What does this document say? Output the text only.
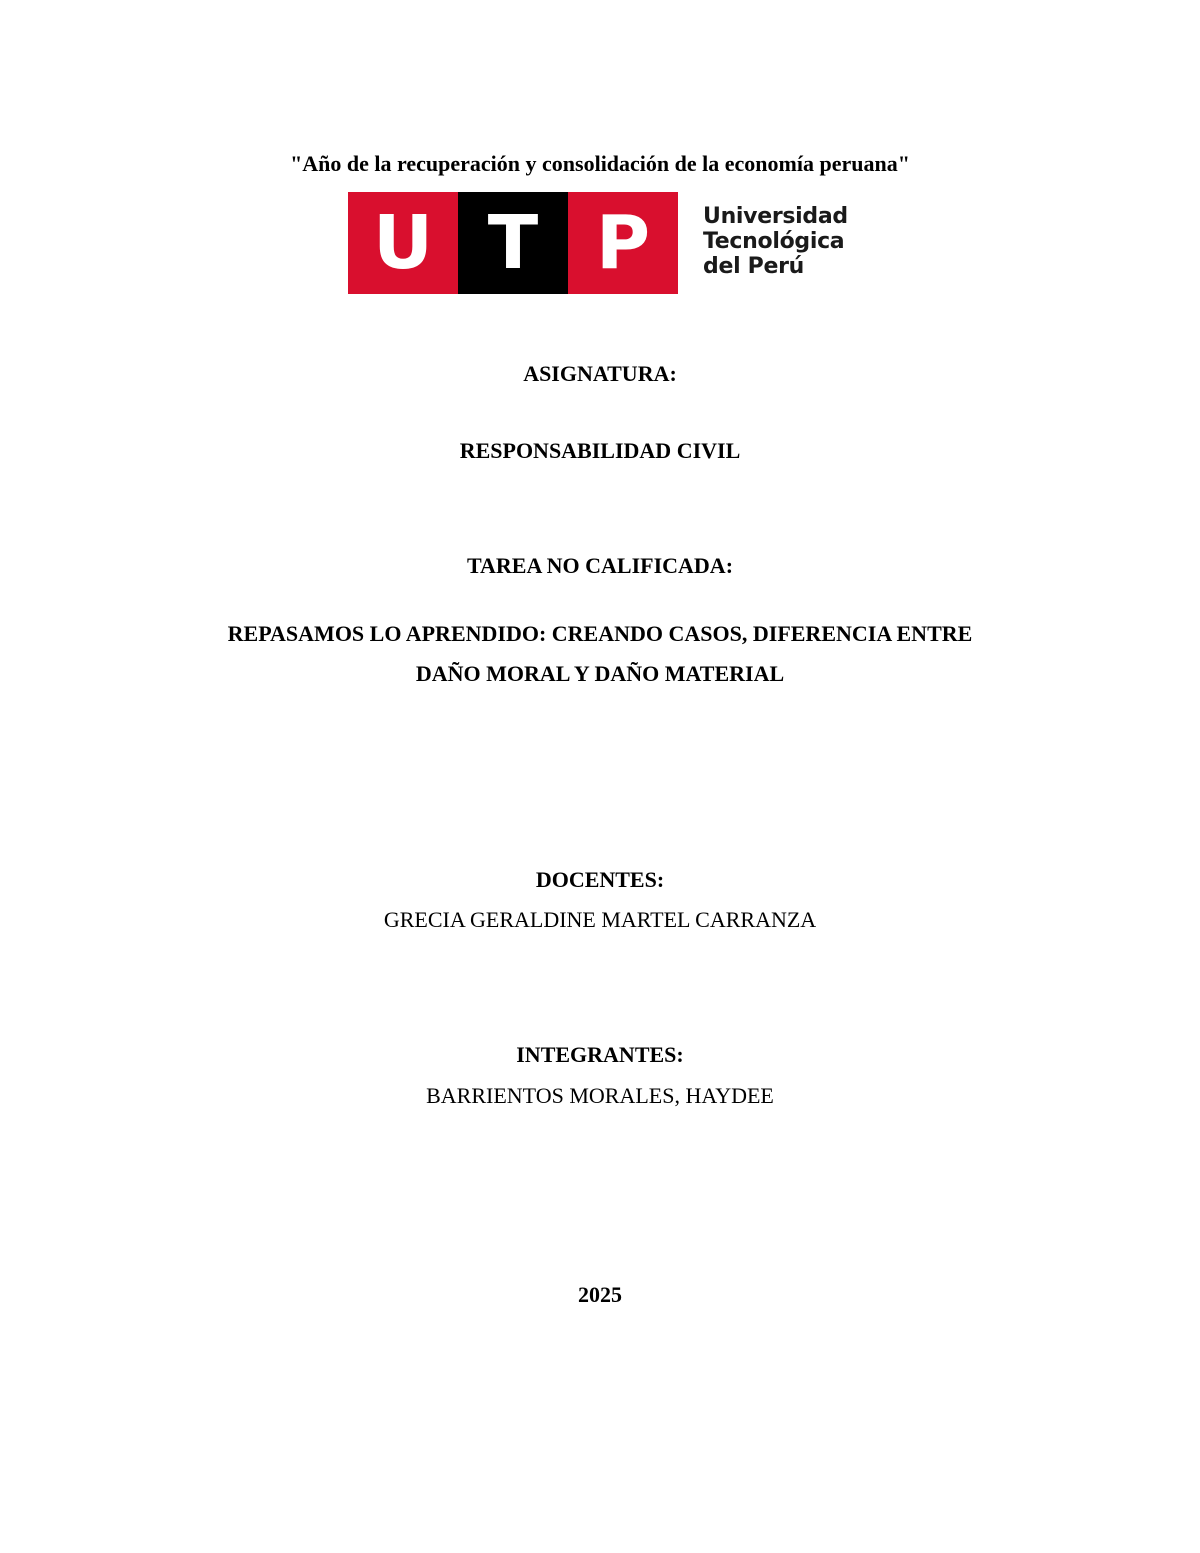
"Año de la recuperación y consolidación de la economía peruana"
U T P	Universidad
Tecnológica
del Perú
ASIGNATURA:
RESPONSABILIDAD CIVIL
TAREA NO CALIFICADA:
REPASAMOS LO APRENDIDO: CREANDO CASOS, DIFERENCIA ENTRE
DAÑO MORAL Y DAÑO MATERIAL
DOCENTES:
GRECIA GERALDINE MARTEL CARRANZA
INTEGRANTES:
BARRIENTOS MORALES, HAYDEE
2025
